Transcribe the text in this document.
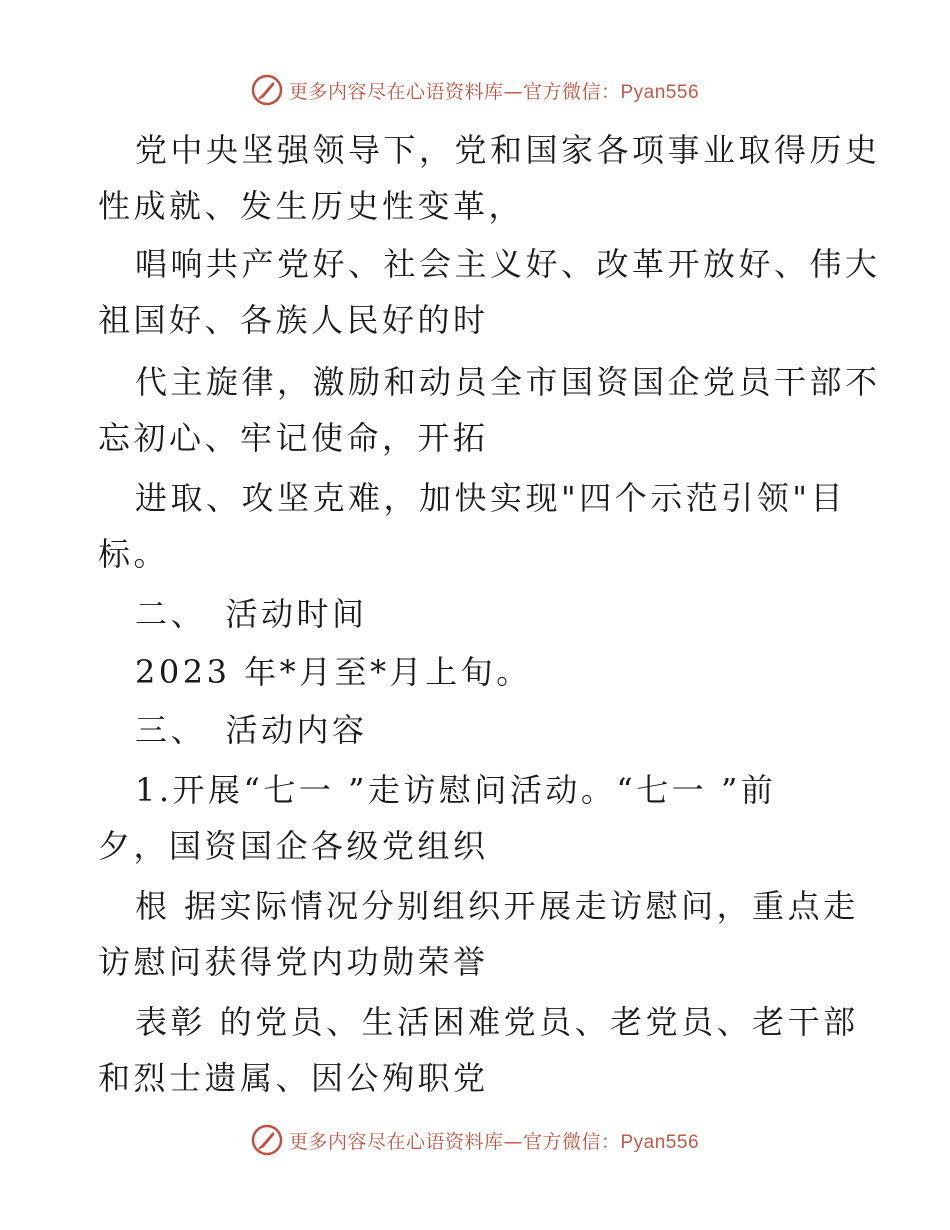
更多内容尽在心语资料库—官方微信：Pyan556
党中央坚强领导下，党和国家各项事业取得历史
性成就、发生历史性变革，
唱响共产党好、社会主义好、改革开放好、伟大
祖国好、各族人民好的时
代主旋律，激励和动员全市国资国企党员干部不
忘初心、牢记使命，开拓
进取、攻坚克难，加快实现"四个示范引领"目
标。
二、　活动时间
2023 年*月至*月上旬。
三、　活动内容
1.开展“七一 ”走访慰问活动。“七一 ”前
夕，国资国企各级党组织
根 据实际情况分别组织开展走访慰问，重点走
访慰问获得党内功勋荣誉
表彰 的党员、生活困难党员、老党员、老干部
和烈士遗属、因公殉职党
更多内容尽在心语资料库—官方微信：Pyan556
